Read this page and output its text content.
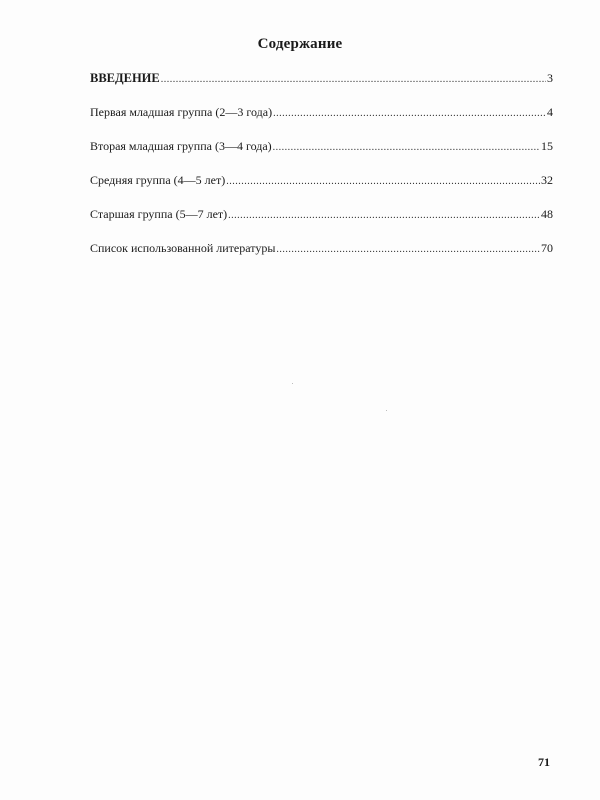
Содержание
ВВЕДЕНИЕ .....	3
Первая младшая группа (2—3 года) .....	4
Вторая младшая группа (3—4 года) .....	15
Средняя группа (4—5 лет) .....	32
Старшая группа (5—7 лет) .....	48
Список использованной литературы .....	70
71
